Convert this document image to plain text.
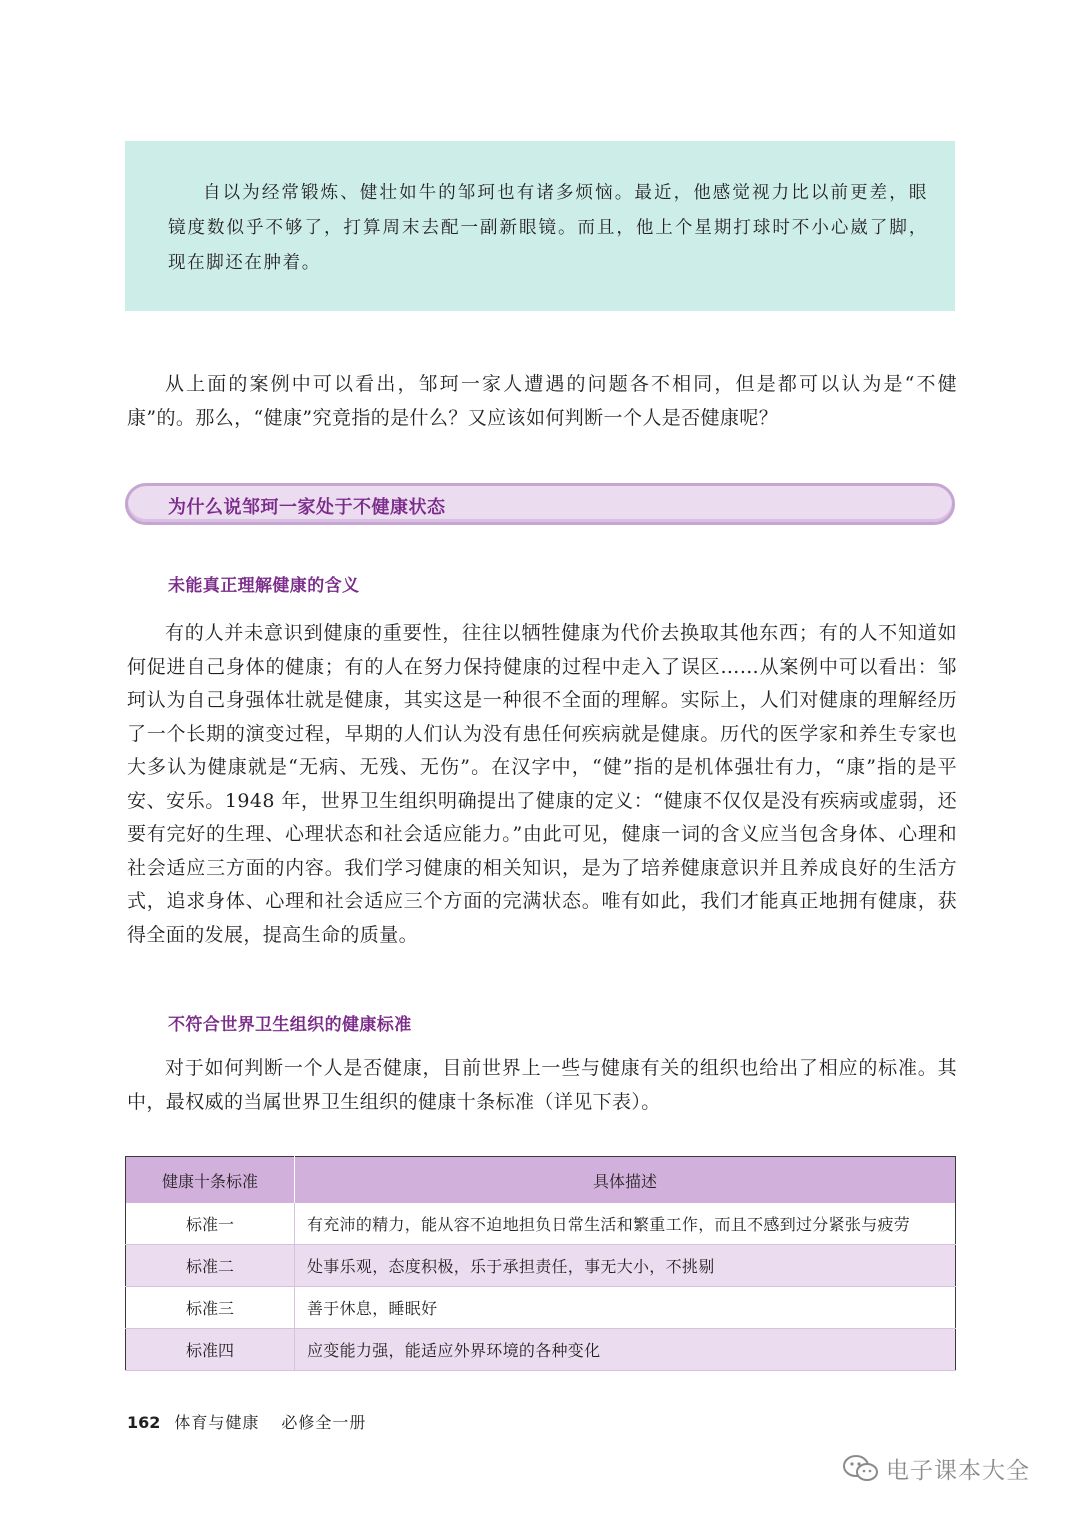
自以为经常锻炼、健壮如牛的邹珂也有诸多烦恼。最近，他感觉视力比以前更差，眼镜度数似乎不够了，打算周末去配一副新眼镜。而且，他上个星期打球时不小心崴了脚，现在脚还在肿着。

从上面的案例中可以看出，邹珂一家人遭遇的问题各不相同，但是都可以认为是“不健康”的。那么，“健康”究竟指的是什么？又应该如何判断一个人是否健康呢？

为什么说邹珂一家处于不健康状态
未能真正理解健康的含义

有的人并未意识到健康的重要性，往往以牺牲健康为代价去换取其他东西；有的人不知道如何促进自己身体的健康；有的人在努力保持健康的过程中走入了误区……从案例中可以看出：邹珂认为自己身强体壮就是健康，其实这是一种很不全面的理解。实际上，人们对健康的理解经历了一个长期的演变过程，早期的人们认为没有患任何疾病就是健康。历代的医学家和养生专家也大多认为健康就是“无病、无残、无伤”。在汉字中，“健”指的是机体强壮有力，“康”指的是平安、安乐。1948 年，世界卫生组织明确提出了健康的定义：“健康不仅仅是没有疾病或虚弱，还要有完好的生理、心理状态和社会适应能力。”由此可见，健康一词的含义应当包含身体、心理和社会适应三方面的内容。我们学习健康的相关知识，是为了培养健康意识并且养成良好的生活方式，追求身体、心理和社会适应三个方面的完满状态。唯有如此，我们才能真正地拥有健康，获得全面的发展，提高生命的质量。

不符合世界卫生组织的健康标准

对于如何判断一个人是否健康，目前世界上一些与健康有关的组织也给出了相应的标准。其中，最权威的当属世界卫生组织的健康十条标准（详见下表）。

健康十条标准	具体描述
标准一	有充沛的精力，能从容不迫地担负日常生活和繁重工作，而且不感到过分紧张与疲劳
标准二	处事乐观，态度积极，乐于承担责任，事无大小，不挑剔
标准三	善于休息，睡眠好
标准四	应变能力强，能适应外界环境的各种变化
162 体育与健康 必修全一册
电子课本大全
